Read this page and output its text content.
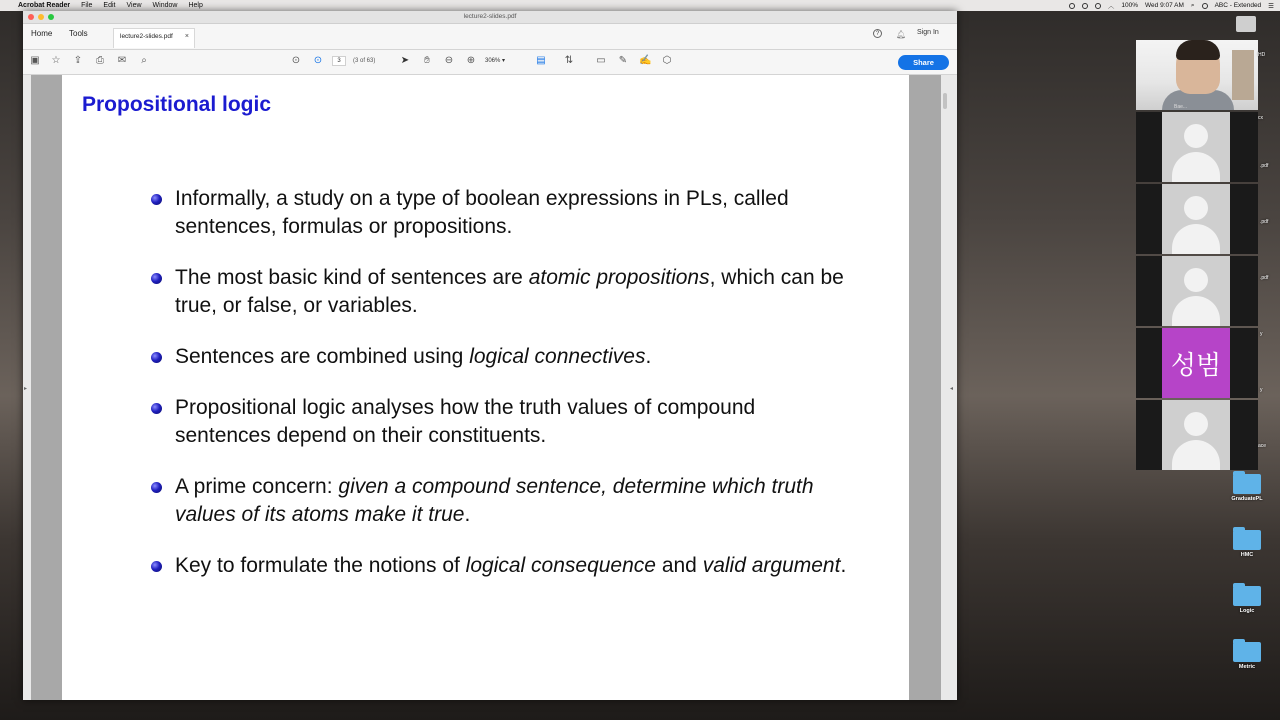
Acrobat Reader File Edit View Window Help	︿ 100% Wed 9:07 AM ⌕	ABC - Extended ☰
lecture2-slides.pdf
Home Tools	lecture2-slides.pdf ×	?	🔔︎ Sign In
▣ ☆ ⇪ ⎙ ✉	⌕	⊙ ⊙	3	(3 of 63)	➤	✋︎	⊖ ⊕	306% ▾	▤ ⇅ ▭ ✎ ✍ ⬡	Share
▸
Propositional logic
Informally, a study on a type of boolean expressions in PLs, called sentences, formulas or propositions.
The most basic kind of sentences are atomic propositions, which can be true, or false, or variables.
Sentences are combined using logical connectives.
Propositional logic analyses how the truth values of compound sentences depend on their constituents.
A prime concern: given a compound sentence, determine which truth values of its atoms make it true.
Key to formulate the notions of logical consequence and valid argument.
◂
Bae...
성범
HD
cx
.pdf
.pdf
.pdf
y
y
ace
GraduatePL
HMC
Logic
Metric
